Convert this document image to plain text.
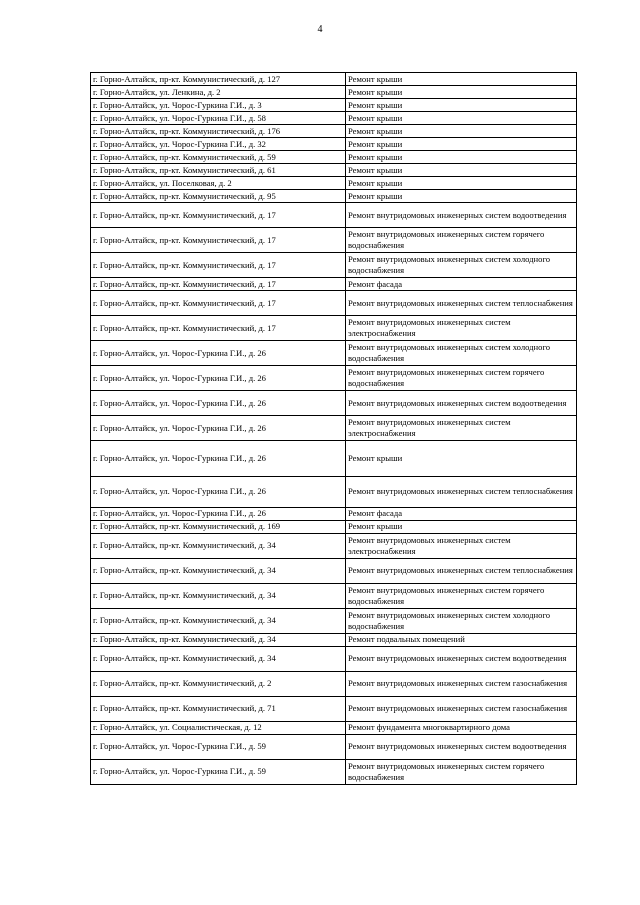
4
г. Горно-Алтайск, пр-кт. Коммунистический, д. 127	Ремонт крыши
г. Горно-Алтайск, ул. Ленкина, д. 2	Ремонт крыши
г. Горно-Алтайск, ул. Чорос-Гуркина Г.И., д. 3	Ремонт крыши
г. Горно-Алтайск, ул. Чорос-Гуркина Г.И., д. 58	Ремонт крыши
г. Горно-Алтайск, пр-кт. Коммунистический, д. 176	Ремонт крыши
г. Горно-Алтайск, ул. Чорос-Гуркина Г.И., д. 32	Ремонт крыши
г. Горно-Алтайск, пр-кт. Коммунистический, д. 59	Ремонт крыши
г. Горно-Алтайск, пр-кт. Коммунистический, д. 61	Ремонт крыши
г. Горно-Алтайск, ул. Поселковая, д. 2	Ремонт крыши
г. Горно-Алтайск, пр-кт. Коммунистический, д. 95	Ремонт крыши
г. Горно-Алтайск, пр-кт. Коммунистический, д. 17	Ремонт внутридомовых инженерных систем водоотведения
г. Горно-Алтайск, пр-кт. Коммунистический, д. 17	Ремонт внутридомовых инженерных систем горячего водоснабжения
г. Горно-Алтайск, пр-кт. Коммунистический, д. 17	Ремонт внутридомовых инженерных систем холодного водоснабжения
г. Горно-Алтайск, пр-кт. Коммунистический, д. 17	Ремонт фасада
г. Горно-Алтайск, пр-кт. Коммунистический, д. 17	Ремонт внутридомовых инженерных систем теплоснабжения
г. Горно-Алтайск, пр-кт. Коммунистический, д. 17	Ремонт внутридомовых инженерных систем электроснабжения
г. Горно-Алтайск, ул. Чорос-Гуркина Г.И., д. 26	Ремонт внутридомовых инженерных систем холодного водоснабжения
г. Горно-Алтайск, ул. Чорос-Гуркина Г.И., д. 26	Ремонт внутридомовых инженерных систем горячего водоснабжения
г. Горно-Алтайск, ул. Чорос-Гуркина Г.И., д. 26	Ремонт внутридомовых инженерных систем водоотведения
г. Горно-Алтайск, ул. Чорос-Гуркина Г.И., д. 26	Ремонт внутридомовых инженерных систем электроснабжения
г. Горно-Алтайск, ул. Чорос-Гуркина Г.И., д. 26	Ремонт крыши
г. Горно-Алтайск, ул. Чорос-Гуркина Г.И., д. 26	Ремонт внутридомовых инженерных систем теплоснабжения
г. Горно-Алтайск, ул. Чорос-Гуркина Г.И., д. 26	Ремонт фасада
г. Горно-Алтайск, пр-кт. Коммунистический, д. 169	Ремонт крыши
г. Горно-Алтайск, пр-кт. Коммунистический, д. 34	Ремонт внутридомовых инженерных систем электроснабжения
г. Горно-Алтайск, пр-кт. Коммунистический, д. 34	Ремонт внутридомовых инженерных систем теплоснабжения
г. Горно-Алтайск, пр-кт. Коммунистический, д. 34	Ремонт внутридомовых инженерных систем горячего водоснабжения
г. Горно-Алтайск, пр-кт. Коммунистический, д. 34	Ремонт внутридомовых инженерных систем холодного водоснабжения
г. Горно-Алтайск, пр-кт. Коммунистический, д. 34	Ремонт подвальных помещений
г. Горно-Алтайск, пр-кт. Коммунистический, д. 34	Ремонт внутридомовых инженерных систем водоотведения
г. Горно-Алтайск, пр-кт. Коммунистический, д. 2	Ремонт внутридомовых инженерных систем газоснабжения
г. Горно-Алтайск, пр-кт. Коммунистический, д. 71	Ремонт внутридомовых инженерных систем газоснабжения
г. Горно-Алтайск, ул. Социалистическая, д. 12	Ремонт фундамента многоквартирного дома
г. Горно-Алтайск, ул. Чорос-Гуркина Г.И., д. 59	Ремонт внутридомовых инженерных систем водоотведения
г. Горно-Алтайск, ул. Чорос-Гуркина Г.И., д. 59	Ремонт внутридомовых инженерных систем горячего водоснабжения
